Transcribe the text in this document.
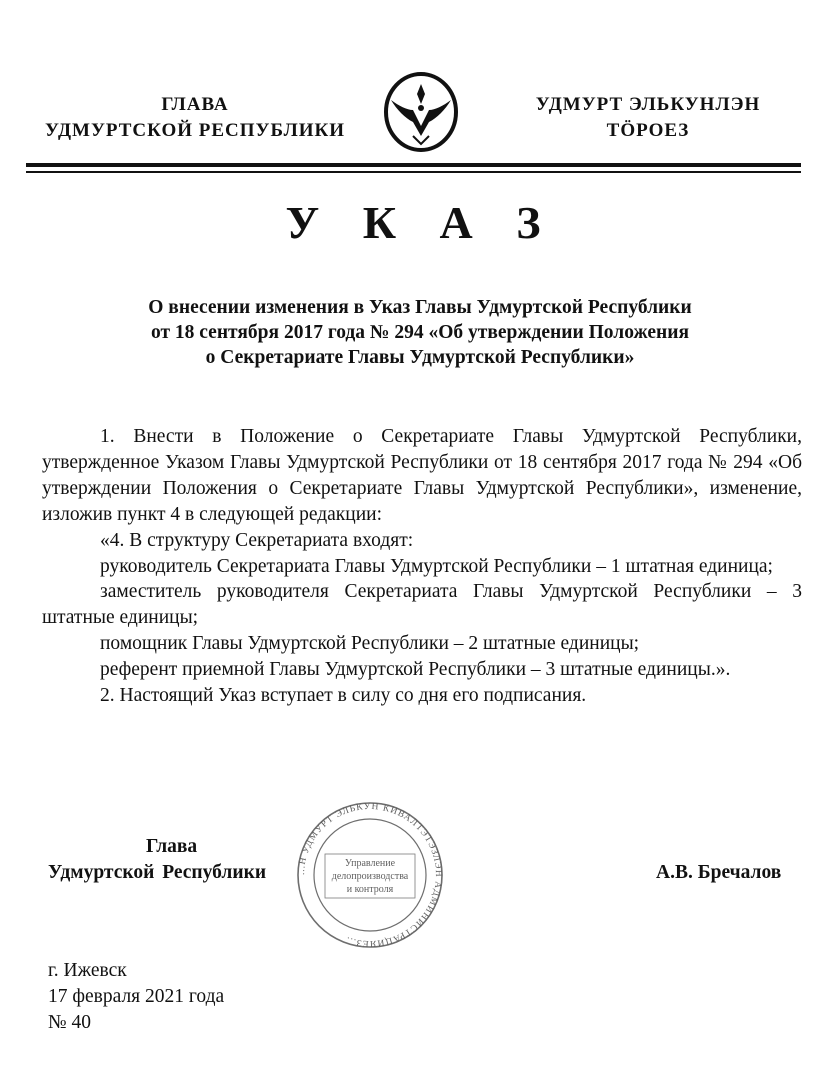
ГЛАВА
УДМУРТСКОЙ РЕСПУБЛИКИ
УДМУРТ ЭЛЬКУНЛЭН
ТӦРОЕЗ
У К А З
О внесении изменения в Указ Главы Удмуртской Республики
от 18 сентября 2017 года № 294 «Об утверждении Положения
о Секретариате Главы Удмуртской Республики»

1. Внести в Положение о Секретариате Главы Удмуртской Республики, утвержденное Указом Главы Удмуртской Республики от 18 сентября 2017 года № 294 «Об утверждении Положения о Секретариате Главы Удмуртской Республики», изменение, изложив пункт 4 в следующей редакции:

«4. В структуру Секретариата входят:

руководитель Секретариата Главы Удмуртской Республики – 1 штатная единица;

заместитель руководителя Секретариата Главы Удмуртской Республики – 3 штатные единицы;

помощник Главы Удмуртской Республики – 2 штатные единицы;

референт приемной Главы Удмуртской Республики – 3 штатные единицы.».

2. Настоящий Указ вступает в силу со дня его подписания.

...Н УДМУРТ ЭЛЬКУН КИВАЛТЭТЭЗЛЭН АДМИНИСТРАЦИЯЕЗ...
Управление
делопроизводства
и контроля
Глава
Удмуртской Республики	А.В. Бречалов
г. Ижевск
17 февраля 2021 года
№ 40
